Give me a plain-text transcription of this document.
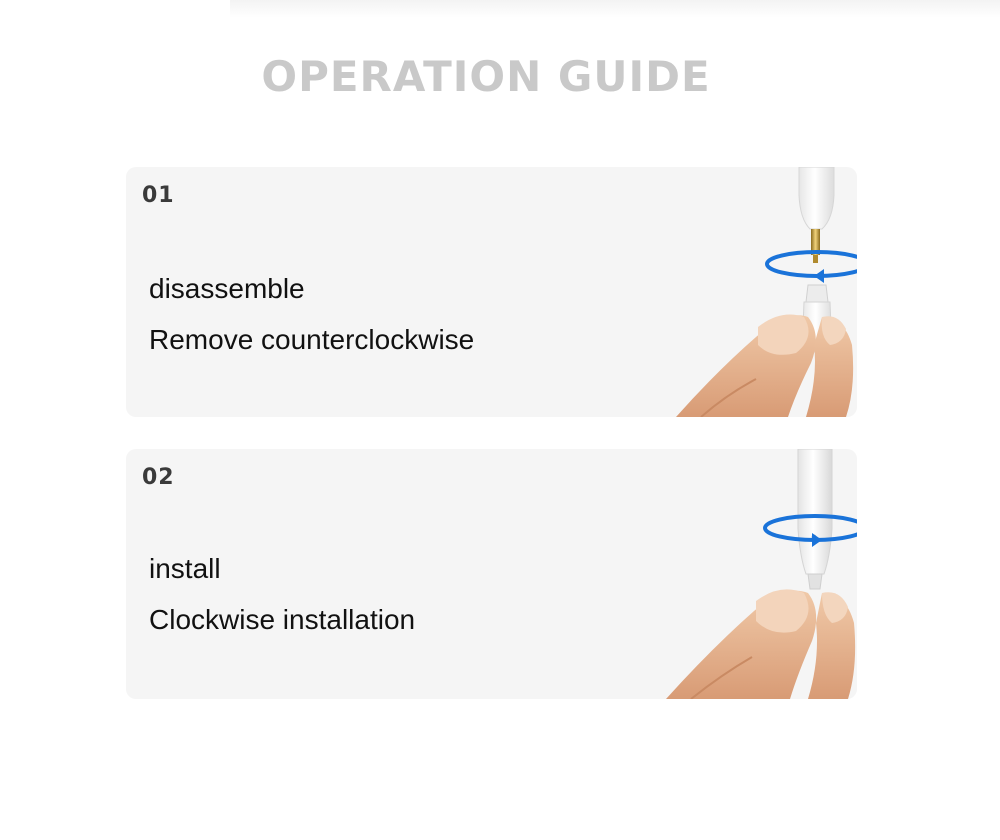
OPERATION GUIDE
01
disassemble
Remove counterclockwise
02
install
Clockwise installation
